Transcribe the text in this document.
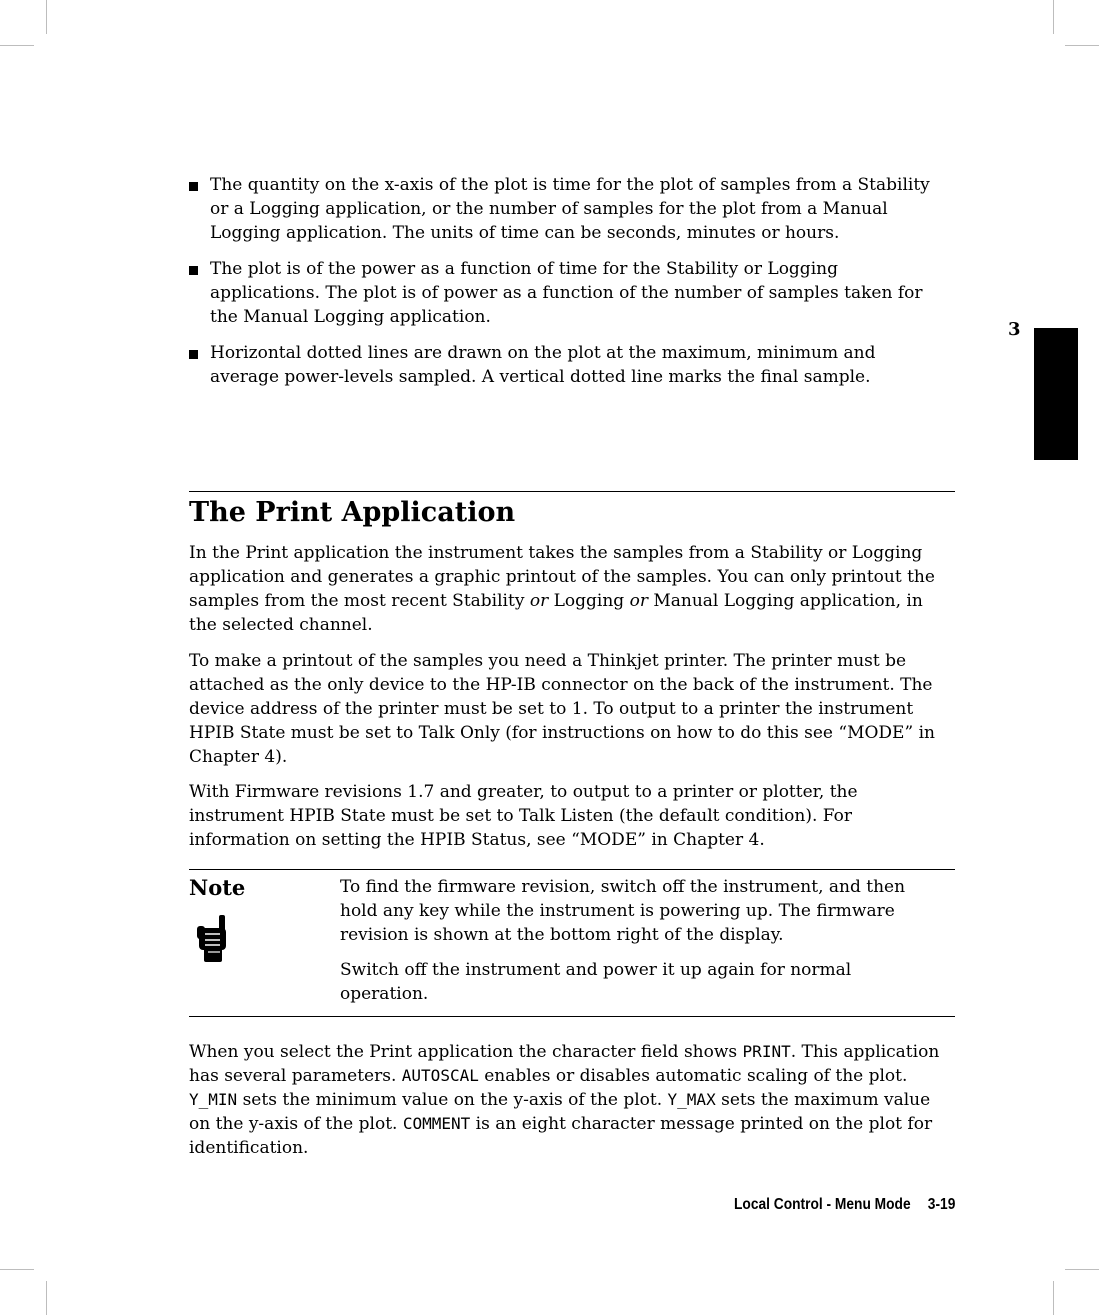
The quantity on the x-axis of the plot is time for the plot of samples from a Stability or a Logging application, or the number of samples for the plot from a Manual Logging application. The units of time can be seconds, minutes or hours.
The plot is of the power as a function of time for the Stability or Logging applications. The plot is of power as a function of the number of samples taken for the Manual Logging application.
Horizontal dotted lines are drawn on the plot at the maximum, minimum and average power-levels sampled. A vertical dotted line marks the final sample.
3
The Print Application

In the Print application the instrument takes the samples from a Stability or Logging application and generates a graphic printout of the samples. You can only printout the samples from the most recent Stability or Logging or Manual Logging application, in the selected channel.

To make a printout of the samples you need a Thinkjet printer. The printer must be attached as the only device to the HP-IB connector on the back of the instrument. The device address of the printer must be set to 1. To output to a printer the instrument HPIB State must be set to Talk Only (for instructions on how to do this see “MODE” in Chapter 4).

With Firmware revisions 1.7 and greater, to output to a printer or plotter, the instrument HPIB State must be set to Talk Listen (the default condition). For information on setting the HPIB Status, see “MODE” in Chapter 4.

Note	To find the firmware revision, switch off the instrument, and then hold any key while the instrument is powering up. The firmware revision is shown at the bottom right of the display.

Switch off the instrument and power it up again for normal operation.

When you select the Print application the character field shows PRINT. This application has several parameters. AUTOSCAL enables or disables automatic scaling of the plot. Y_MIN sets the minimum value on the y-axis of the plot. Y_MAX sets the maximum value on the y-axis of the plot. COMMENT is an eight character message printed on the plot for identification.

Local Control - Menu Mode 3-19
